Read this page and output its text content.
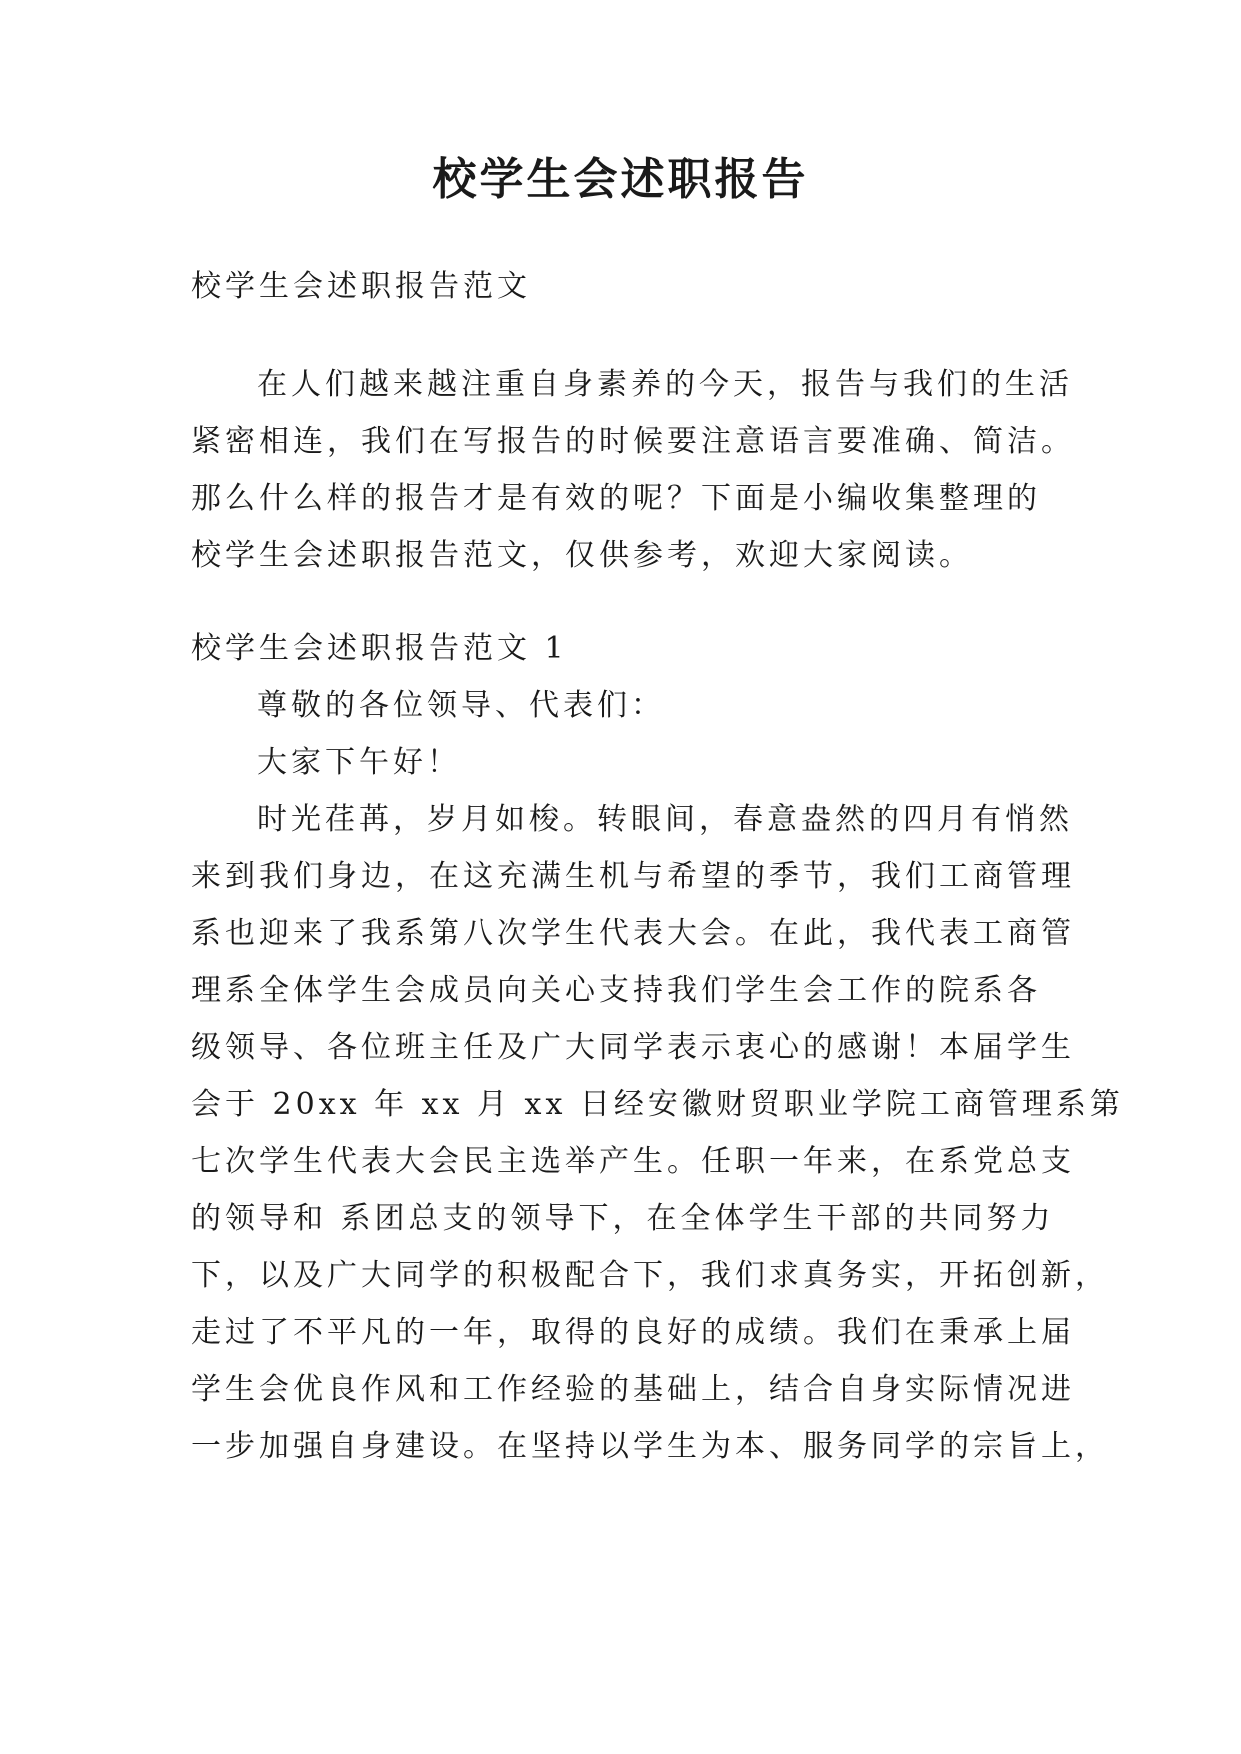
校学生会述职报告
校学生会述职报告范文
在人们越来越注重自身素养的今天，报告与我们的生活
紧密相连，我们在写报告的时候要注意语言要准确、简洁。
那么什么样的报告才是有效的呢？下面是小编收集整理的
校学生会述职报告范文，仅供参考，欢迎大家阅读。
校学生会述职报告范文 1
尊敬的各位领导、代表们：
大家下午好！
时光荏苒，岁月如梭。转眼间，春意盎然的四月有悄然
来到我们身边，在这充满生机与希望的季节，我们工商管理
系也迎来了我系第八次学生代表大会。在此，我代表工商管
理系全体学生会成员向关心支持我们学生会工作的院系各
级领导、各位班主任及广大同学表示衷心的感谢！本届学生
会于 20xx 年 xx 月 xx 日经安徽财贸职业学院工商管理系第
七次学生代表大会民主选举产生。任职一年来，在系党总支
的领导和 系团总支的领导下，在全体学生干部的共同努力
下，以及广大同学的积极配合下，我们求真务实，开拓创新，
走过了不平凡的一年，取得的良好的成绩。我们在秉承上届
学生会优良作风和工作经验的基础上，结合自身实际情况进
一步加强自身建设。在坚持以学生为本、服务同学的宗旨上，
